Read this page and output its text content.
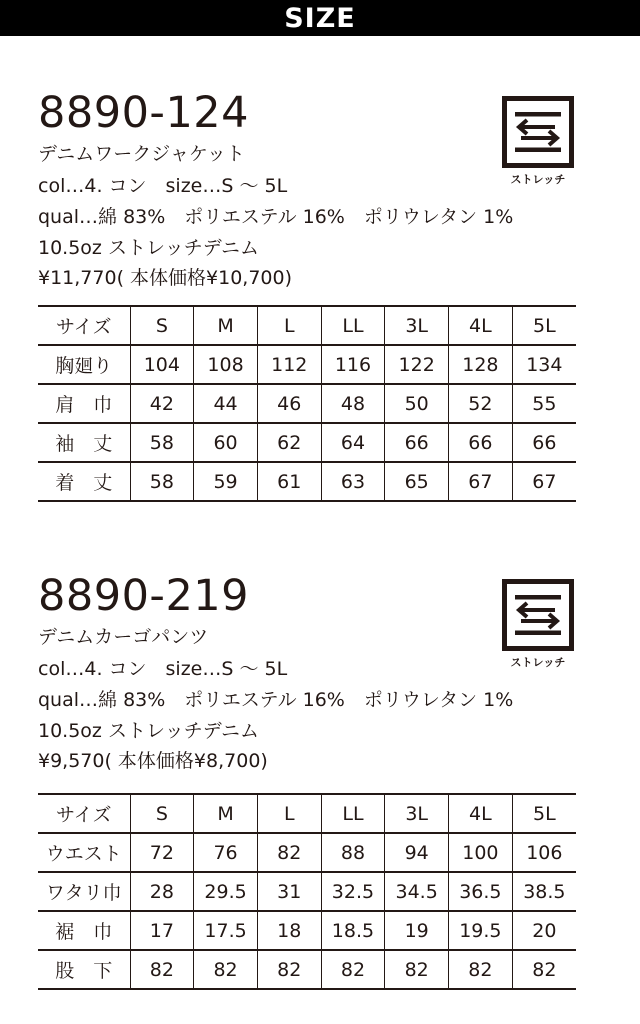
SIZE
8890-124
デニムワークジャケット
col…4. コン　size…S 〜 5L
qual…綿 83%　ポリエステル 16%　ポリウレタン 1%
10.5oz ストレッチデニム
¥11,770( 本体価格¥10,700)
ストレッチ
サイズ	S	M	L	LL	3L	4L	5L
胸廻り	104	108	112	116	122	128	134
肩　巾	42	44	46	48	50	52	55
袖　丈	58	60	62	64	66	66	66
着　丈	58	59	61	63	65	67	67
8890-219
デニムカーゴパンツ
col…4. コン　size…S 〜 5L
qual…綿 83%　ポリエステル 16%　ポリウレタン 1%
10.5oz ストレッチデニム
¥9,570( 本体価格¥8,700)
ストレッチ
サイズ	S	M	L	LL	3L	4L	5L
ウエスト	72	76	82	88	94	100	106
ワタリ巾	28	29.5	31	32.5	34.5	36.5	38.5
裾　巾	17	17.5	18	18.5	19	19.5	20
股　下	82	82	82	82	82	82	82
